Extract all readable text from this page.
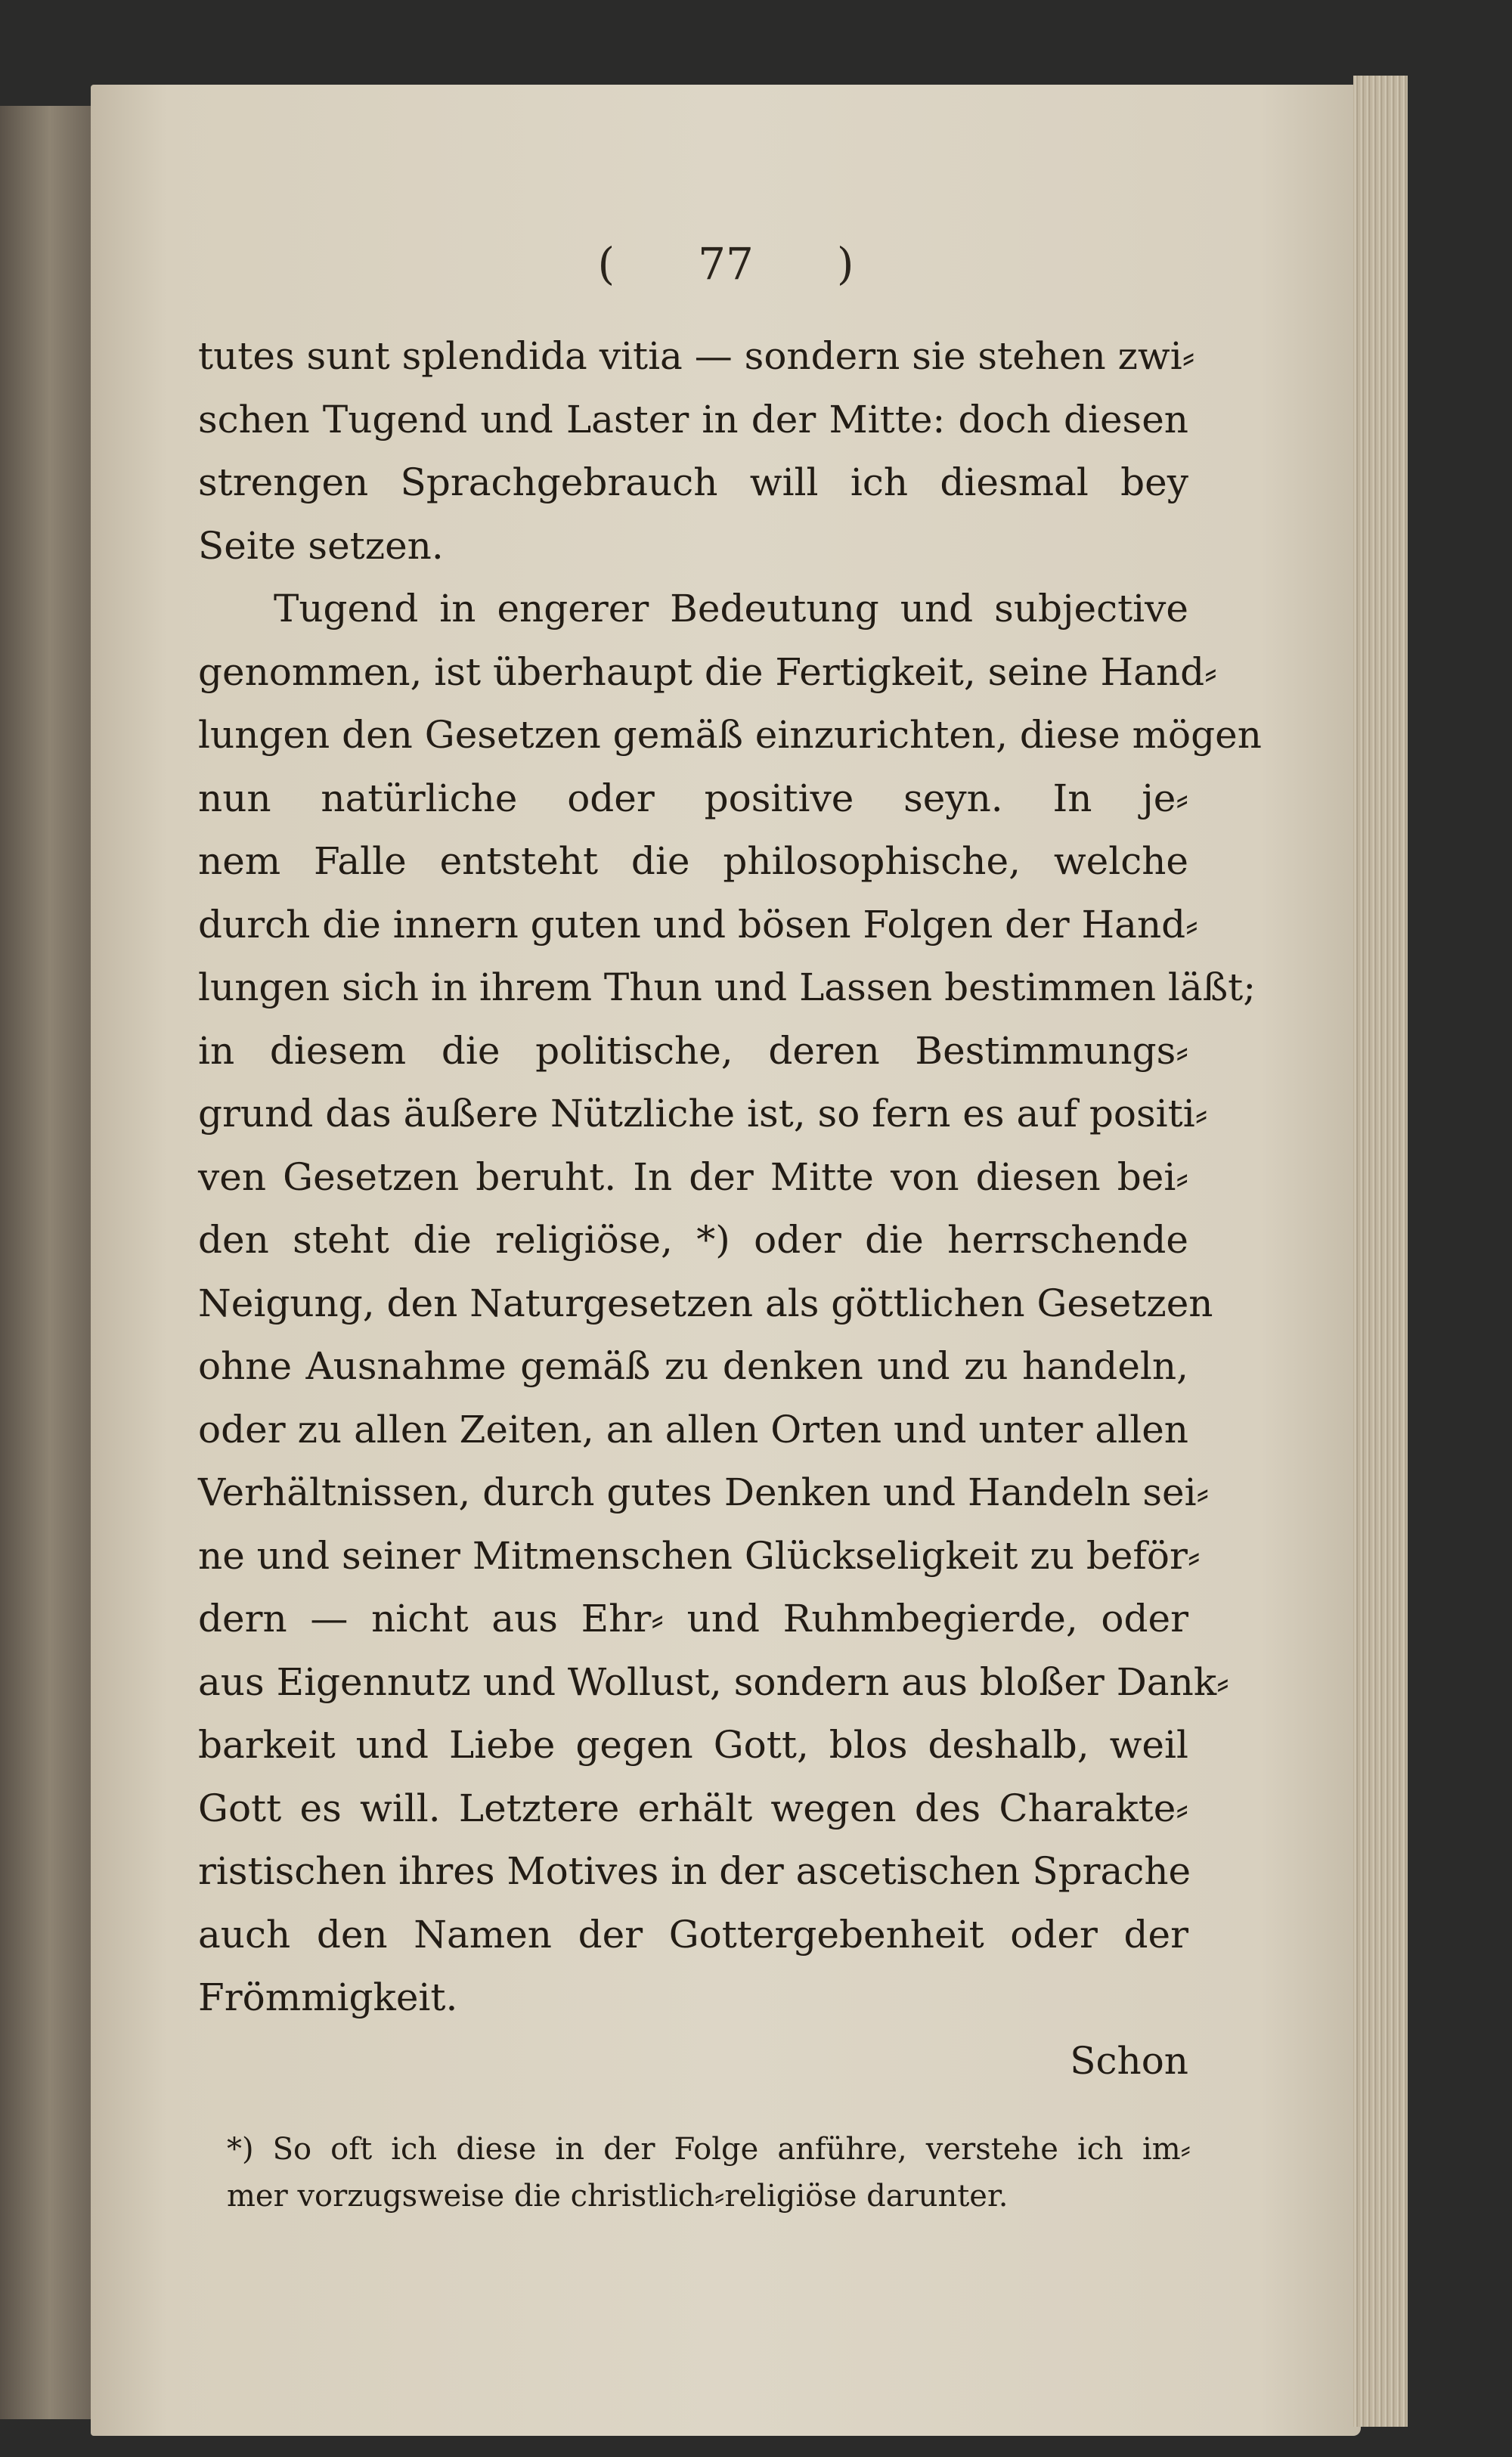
( 77 )
tutes sunt splendida vitia — sondern sie stehen zwi⸗
schen Tugend und Laster in der Mitte: doch diesen
strengen Sprachgebrauch will ich diesmal bey
Seite setzen.
Tugend in engerer Bedeutung und subjective
genommen, ist überhaupt die Fertigkeit, seine Hand⸗
lungen den Gesetzen gemäß einzurichten, diese mögen
nun natürliche oder positive seyn. In je⸗
nem Falle entsteht die philosophische, welche
durch die innern guten und bösen Folgen der Hand⸗
lungen sich in ihrem Thun und Lassen bestimmen läßt;
in diesem die politische, deren Bestimmungs⸗
grund das äußere Nützliche ist, so fern es auf positi⸗
ven Gesetzen beruht. In der Mitte von diesen bei⸗
den steht die religiöse, *) oder die herrschende
Neigung, den Naturgesetzen als göttlichen Gesetzen
ohne Ausnahme gemäß zu denken und zu handeln,
oder zu allen Zeiten, an allen Orten und unter allen
Verhältnissen, durch gutes Denken und Handeln sei⸗
ne und seiner Mitmenschen Glückseligkeit zu beför⸗
dern — nicht aus Ehr⸗ und Ruhmbegierde, oder
aus Eigennutz und Wollust, sondern aus bloßer Dank⸗
barkeit und Liebe gegen Gott, blos deshalb, weil
Gott es will. Letztere erhält wegen des Charakte⸗
ristischen ihres Motives in der ascetischen Sprache
auch den Namen der Gottergebenheit oder der
Frömmigkeit.
Schon
*) So oft ich diese in der Folge anführe, verstehe ich im⸗
mer vorzugsweise die christlich⸗religiöse darunter.
